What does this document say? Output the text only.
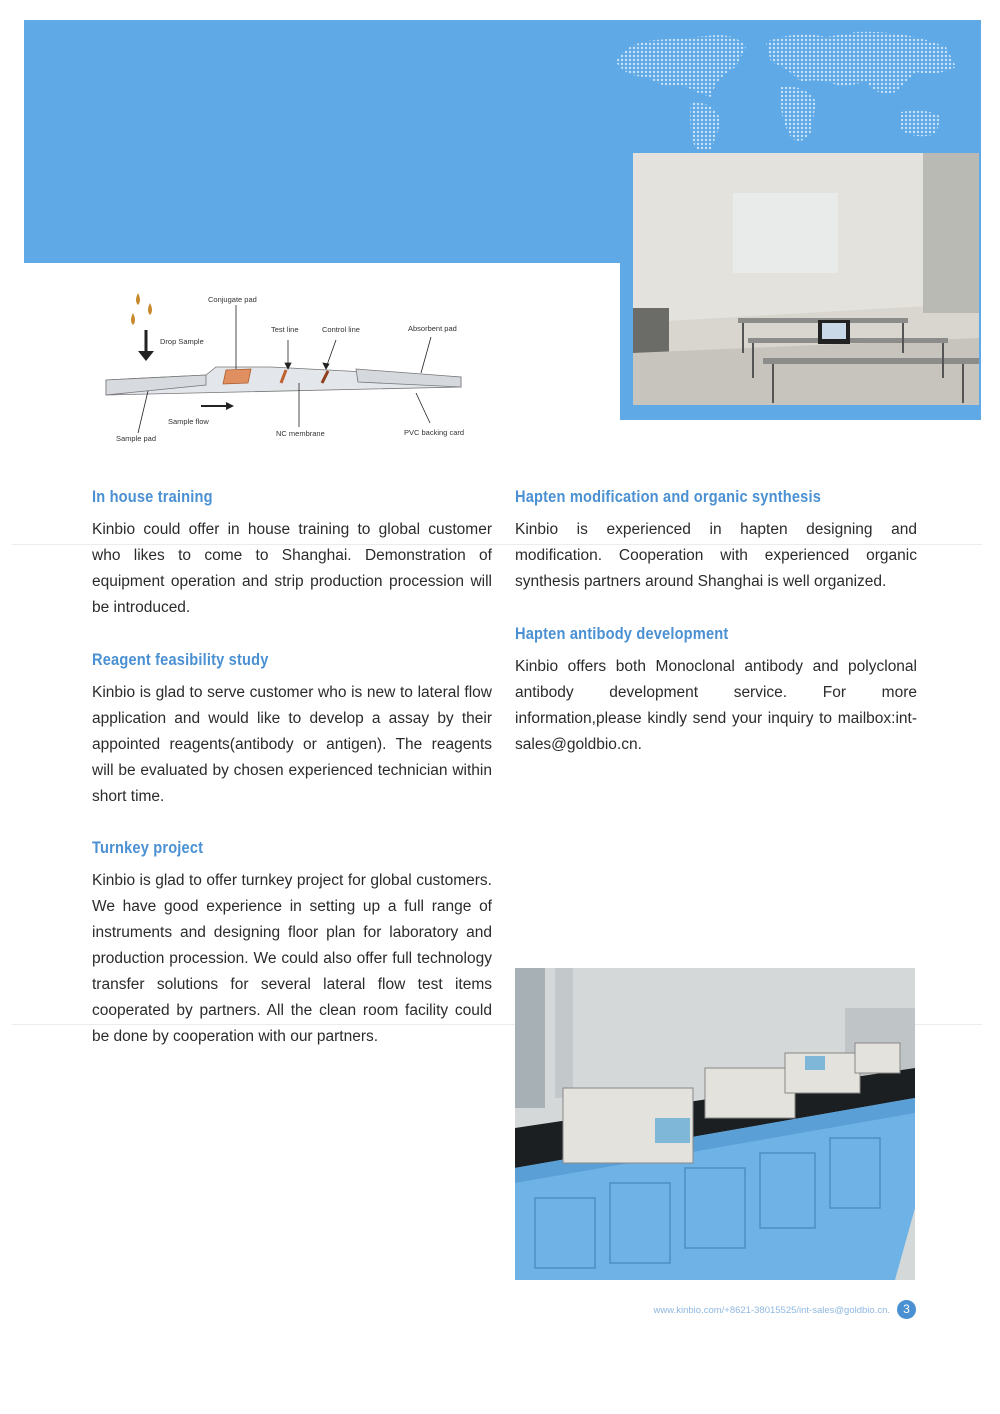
Conjugate pad
Drop Sample
Test line	Control line	Absorbent pad
Sample flow
Sample pad
NC membrane	PVC backing card
In house training

Kinbio could offer in house training to global customer who likes to come to Shanghai. Demonstration of equipment operation and strip production procession will be introduced.

Reagent feasibility study

Kinbio is glad to serve customer who is new to lateral flow application and would like to develop a assay by their appointed reagents(antibody or antigen). The reagents will be evaluated by chosen experienced technician within short time.

Turnkey project

Kinbio is glad to offer turnkey project for global customers. We have good experience in setting up a full range of instruments and designing floor plan for laboratory and production procession. We could also offer full technology transfer solutions for several lateral flow test items cooperated by partners. All the clean room facility could be done by cooperation with our partners.

Hapten modification and organic synthesis

Kinbio is experienced in hapten designing and modification. Cooperation with experienced organic synthesis partners around Shanghai is well organized.

Hapten antibody development

Kinbio offers both Monoclonal antibody and polyclonal antibody development service. For more information,please kindly send your inquiry to mailbox:int-sales@goldbio.cn.

www.kinbio.com/+8621-38015525/int-sales@goldbio.cn.	3
